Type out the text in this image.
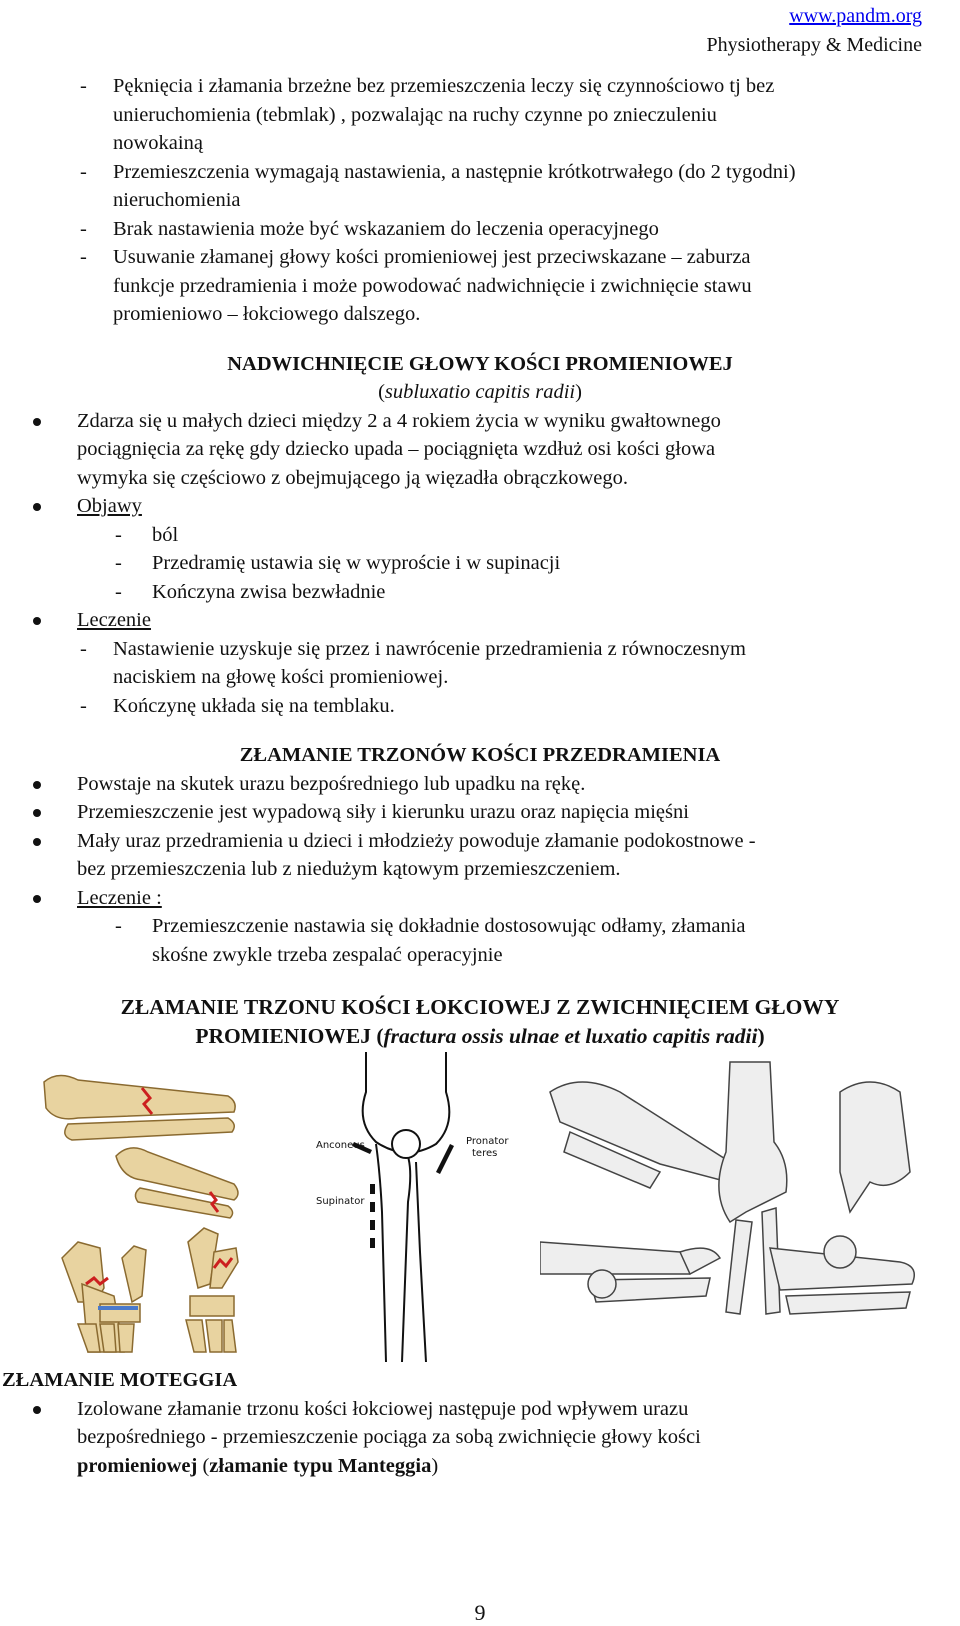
www.pandm.org
Physiotherapy & Medicine
- Pęknięcia i złamania brzeżne bez przemieszczenia leczy się czynnościowo tj bez
unieruchomienia (tebmlak) , pozwalając na ruchy czynne po znieczuleniu
nowokainą
- Przemieszczenia wymagają nastawienia, a następnie krótkotrwałego (do 2 tygodni)
nieruchomienia
- Brak nastawienia może być wskazaniem do leczenia operacyjnego
- Usuwanie złamanej głowy kości promieniowej jest przeciwskazane – zaburza
funkcje przedramienia i może powodować nadwichnięcie i zwichnięcie stawu
promieniowo – łokciowego dalszego.
NADWICHNIĘCIE GŁOWY KOŚCI PROMIENIOWEJ
(subluxatio capitis radii)
Zdarza się u małych dzieci między 2 a 4 rokiem życia w wyniku gwałtownego
pociągnięcia za rękę gdy dziecko upada – pociągnięta wzdłuż osi kości głowa
wymyka się częściowo z obejmującego ją więzadła obrączkowego.
Objawy
- ból
- Przedramię ustawia się w wyproście i w supinacji
- Kończyna zwisa bezwładnie
Leczenie
- Nastawienie uzyskuje się przez i nawrócenie przedramienia z równoczesnym
naciskiem na głowę kości promieniowej.
- Kończynę układa się na temblaku.
ZŁAMANIE TRZONÓW KOŚCI PRZEDRAMIENIA
Powstaje na skutek urazu bezpośredniego lub upadku na rękę.
Przemieszczenie jest wypadową siły i kierunku urazu oraz napięcia mięśni
Mały uraz przedramienia u dzieci i młodzieży powoduje złamanie podokostnowe -
bez przemieszczenia lub z niedużym kątowym przemieszczeniem.
Leczenie :
- Przemieszczenie nastawia się dokładnie dostosowując odłamy, złamania
skośne zwykle trzeba zespalać operacyjnie
ZŁAMANIE TRZONU KOŚCI ŁOKCIOWEJ Z ZWICHNIĘCIEM GŁOWY
PROMIENIOWEJ (fractura ossis ulnae et luxatio capitis radii)
Anconeus	Pronator
teres
Supinator
ZŁAMANIE MOTEGGIA
Izolowane złamanie trzonu kości łokciowej następuje pod wpływem urazu
bezpośredniego - przemieszczenie pociąga za sobą zwichnięcie głowy kości
promieniowej (złamanie typu Manteggia)
9
